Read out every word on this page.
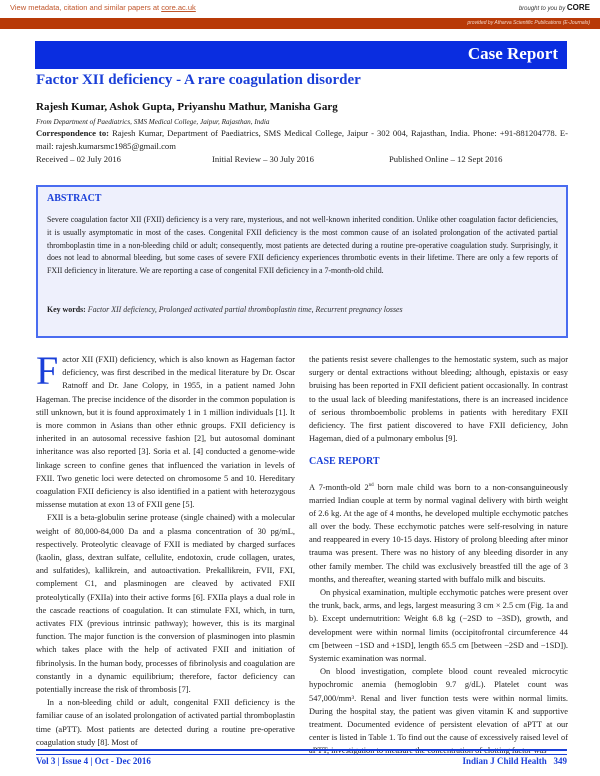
View metadata, citation and similar papers at core.ac.uk	brought to you by CORE
provided by Atharva Scientific Publications (E-Journals)
Case Report
Factor XII deficiency - A rare coagulation disorder
Rajesh Kumar, Ashok Gupta, Priyanshu Mathur, Manisha Garg
From Department of Paediatrics, SMS Medical College, Jaipur, Rajasthan, India
Correspondence to: Rajesh Kumar, Department of Paediatrics, SMS Medical College, Jaipur - 302 004, Rajasthan, India. Phone: +91-881204778. E-mail: rajesh.kumarsmc1985@gmail.com
Received – 02 July 2016	Initial Review – 30 July 2016	Published Online – 12 Sept 2016
ABSTRACT
Severe coagulation factor XII (FXII) deficiency is a very rare, mysterious, and not well-known inherited condition. Unlike other coagulation factor deficiencies, it is usually asymptomatic in most of the cases. Congenital FXII deficiency is the most common cause of an isolated prolongation of the activated partial thromboplastin time in a non-bleeding child or adult; consequently, most patients are detected during a routine pre-operative coagulation study. Surprisingly, it does not lead to abnormal bleeding, but some cases of severe FXII deficiency experiences thrombotic events in their lifetime. There are only a few reports of FXII deficiency in literature. We are reporting a case of congenital FXII deficiency in a 7-month-old child.
Key words: Factor XII deficiency, Prolonged activated partial thromboplastin time, Recurrent pregnancy losses

Factor XII (FXII) deficiency, which is also known as Hageman factor deficiency, was first described in the medical literature by Dr. Oscar Ratnoff and Dr. Jane Colopy, in 1955, in a patient named John Hageman. The precise incidence of the disorder in the common population is still unknown, but it is found approximately 1 in 1 million individuals [1]. It is more common in Asians than other ethnic groups. FXII deficiency is inherited in an autosomal recessive fashion [2], but autosomal dominant inheritance was also reported [3]. Soria et al. [4] conducted a genome-wide linkage screen to confine genes that influenced the variation in levels of FXII. Two genetic loci were detected on chromosome 5 and 10. Hereditary coagulation FXII deficiency is also identified in a patient with heterozygous missense mutation at exon 13 of FXII gene [5].

FXII is a beta-globulin serine protease (single chained) with a molecular weight of 80,000-84,000 Da and a plasma concentration of 30 pg/mL, respectively. Proteolytic cleavage of FXII is mediated by charged surfaces (kaolin, glass, dextran sulfate, cellulite, endotoxin, crude collagen, urates, and sulfatides), kallikrein, and autoactivation. Prekallikrein, FVII, FXI, complement C1, and plasminogen are cleaved by activated FXII proteolytically (FXIIa) into their active forms [6]. FXIIa plays a dual role in the cascade reactions of coagulation. It can stimulate FXI, which, in turn, activates FIX (previous intrinsic pathway); however, this is its marginal function. The major function is the conversion of plasminogen into plasmin which takes place with the help of activated FXII and initiation of fibrinolysis. In the human body, processes of fibrinolysis and coagulation are constantly in a dynamic equilibrium; therefore, factor deficiency can potentially increase the risk of thrombosis [7].

In a non-bleeding child or adult, congenital FXII deficiency is the familiar cause of an isolated prolongation of activated partial thromboplastin time (aPTT). Most patients are detected during a routine pre-operative coagulation study [8]. Most of

the patients resist severe challenges to the hemostatic system, such as major surgery or dental extractions without bleeding; although, epistaxis or easy bruising has been reported in FXII deficient patient occasionally. In contrast to the usual lack of bleeding manifestations, there is an increased incidence of serious thromboembolic problems in patients with hereditary FXII deficiency. The first patient discovered to have FXII deficiency, John Hageman, died of a pulmonary embolus [9].

CASE REPORT

A 7-month-old 2nd born male child was born to a non-consanguineously married Indian couple at term by normal vaginal delivery with birth weight of 2.6 kg. At the age of 4 months, he developed multiple ecchymotic patches all over the body. These ecchymotic patches were self-resolving in nature and reappeared in every 10-15 days. History of prolong bleeding after minor trauma was present. There was no history of any bleeding disorder in any other family member. The child was exclusively breastfed till the age of 3 months, and thereafter, weaning started with buffalo milk and biscuits.

On physical examination, multiple ecchymotic patches were present over the trunk, back, arms, and legs, largest measuring 3 cm × 2.5 cm (Fig. 1a and b). Except undernutrition: Weight 6.8 kg (−2SD to −3SD), growth, and development were within normal limits (occipitofrontal circumference 44 cm [between −1SD and +1SD], length 65.5 cm [between −2SD and −1SD]). Systemic examination was normal.

On blood investigation, complete blood count revealed microcytic hypochromic anemia (hemoglobin 9.7 g/dL). Platelet count was 547,000/mm³. Renal and liver function tests were within normal limits. During the hospital stay, the patient was given vitamin K and supportive treatment. Documented evidence of persistent elevation of aPTT at our center is listed in Table 1. To find out the cause of excessively raised level of aPTT, investigation to measure the concentration of clotting factor was

Vol 3 | Issue 4 | Oct - Dec 2016	Indian J Child Health   349
